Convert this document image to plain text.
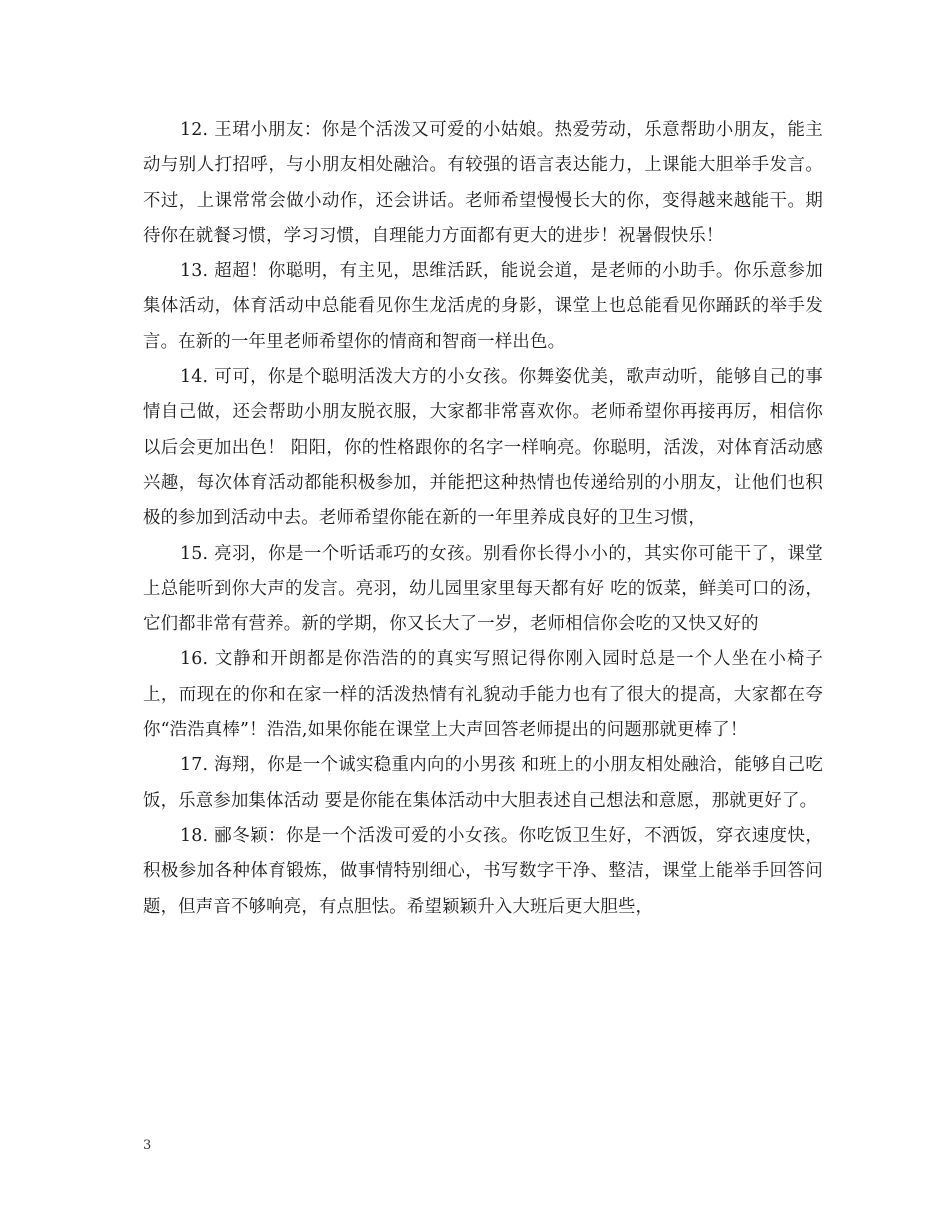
12. 王珺小朋友：你是个活泼又可爱的小姑娘。热爱劳动，乐意帮助小朋友，能主动与别人打招呼，与小朋友相处融洽。有较强的语言表达能力，上课能大胆举手发言。不过，上课常常会做小动作，还会讲话。老师希望慢慢长大的你，变得越来越能干。期待你在就餐习惯，学习习惯，自理能力方面都有更大的进步！祝暑假快乐！

13. 超超！你聪明，有主见，思维活跃，能说会道，是老师的小助手。你乐意参加集体活动，体育活动中总能看见你生龙活虎的身影，课堂上也总能看见你踊跃的举手发言。在新的一年里老师希望你的情商和智商一样出色。

14. 可可，你是个聪明活泼大方的小女孩。你舞姿优美，歌声动听，能够自己的事情自己做，还会帮助小朋友脱衣服，大家都非常喜欢你。老师希望你再接再厉，相信你以后会更加出色！ 阳阳，你的性格跟你的名字一样响亮。你聪明，活泼，对体育活动感兴趣，每次体育活动都能积极参加，并能把这种热情也传递给别的小朋友，让他们也积极的参加到活动中去。老师希望你能在新的一年里养成良好的卫生习惯，

15. 亮羽，你是一个听话乖巧的女孩。别看你长得小小的，其实你可能干了，课堂上总能听到你大声的发言。亮羽，幼儿园里家里每天都有好 吃的饭菜，鲜美可口的汤，它们都非常有营养。新的学期，你又长大了一岁，老师相信你会吃的又快又好的

16. 文静和开朗都是你浩浩的的真实写照记得你刚入园时总是一个人坐在小椅子上，而现在的你和在家一样的活泼热情有礼貌动手能力也有了很大的提高，大家都在夸你“浩浩真棒”！浩浩,如果你能在课堂上大声回答老师提出的问题那就更棒了！

17. 海翔，你是一个诚实稳重内向的小男孩 和班上的小朋友相处融洽，能够自己吃饭，乐意参加集体活动 要是你能在集体活动中大胆表述自己想法和意愿，那就更好了。

18. 郦冬颖：你是一个活泼可爱的小女孩。你吃饭卫生好，不洒饭，穿衣速度快，积极参加各种体育锻炼，做事情特别细心，书写数字干净、整洁，课堂上能举手回答问题，但声音不够响亮，有点胆怯。希望颖颖升入大班后更大胆些，

3
